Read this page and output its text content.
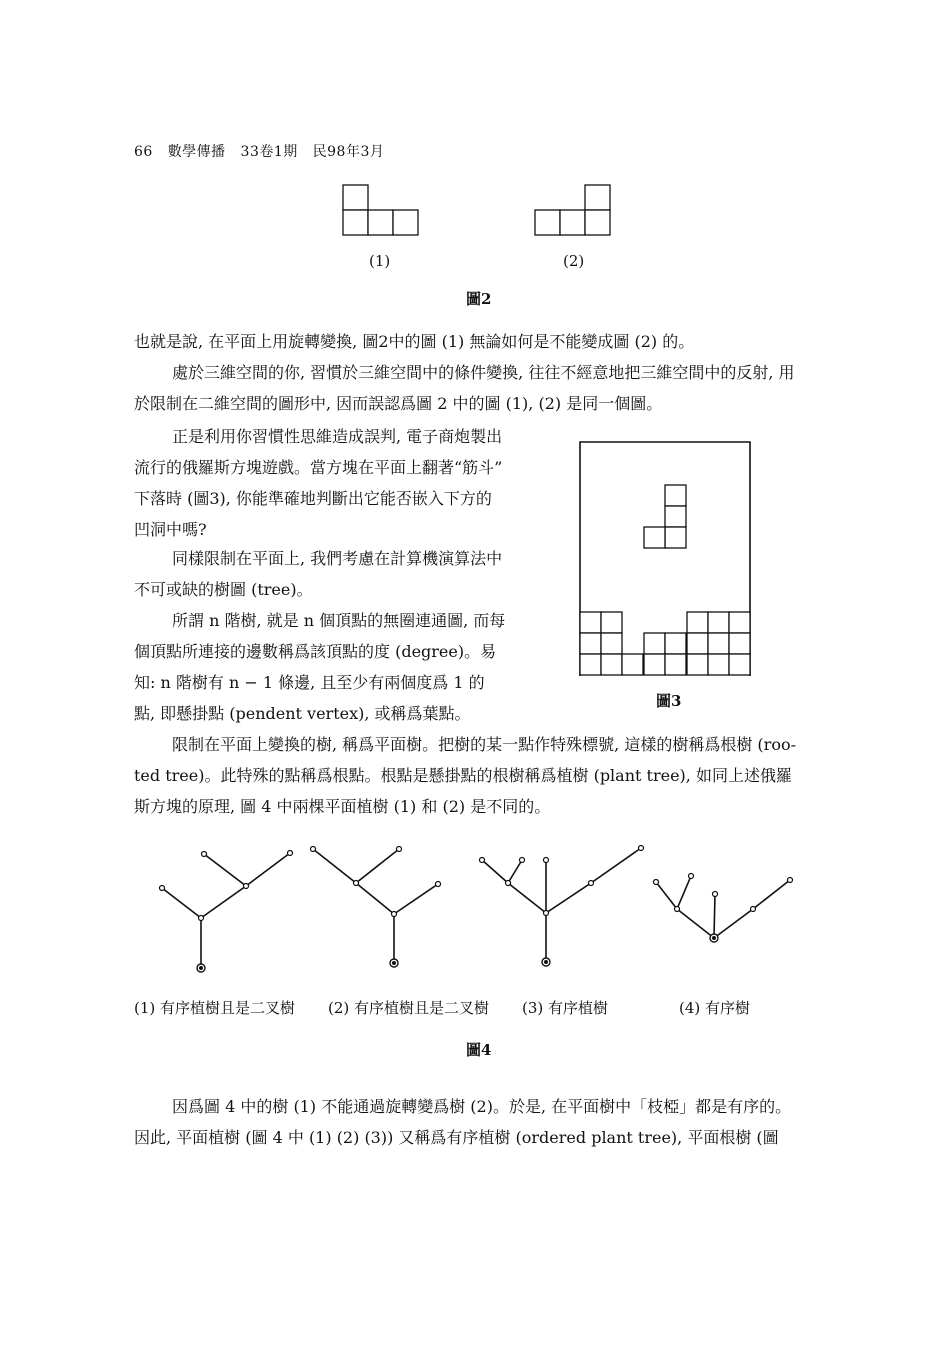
66 數學傳播 33卷1期 民98年3月
(1)	(2)
圖2
也就是說, 在平面上用旋轉變換, 圖2中的圖 (1) 無論如何是不能變成圖 (2) 的。
處於三維空間的你, 習慣於三維空間中的條件變換, 往往不經意地把三維空間中的反射, 用
於限制在二維空間的圖形中, 因而誤認爲圖 2 中的圖 (1), (2) 是同一個圖。
正是利用你習慣性思維造成誤判, 電子商炮製出
流行的俄羅斯方塊遊戲。當方塊在平面上翻著“筋斗”
下落時 (圖3), 你能準確地判斷出它能否嵌入下方的
凹洞中嗎?
同樣限制在平面上, 我們考慮在計算機演算法中
不可或缺的樹圖 (tree)。
所謂 n 階樹, 就是 n 個頂點的無圈連通圖, 而每
個頂點所連接的邊數稱爲該頂點的度 (degree)。易
知: n 階樹有 n − 1 條邊, 且至少有兩個度爲 1 的
點, 即懸掛點 (pendent vertex), 或稱爲葉點。
圖3
限制在平面上變換的樹, 稱爲平面樹。把樹的某一點作特殊標號, 這樣的樹稱爲根樹 (roo-
ted tree)。此特殊的點稱爲根點。根點是懸掛點的根樹稱爲植樹 (plant tree), 如同上述俄羅
斯方塊的原理, 圖 4 中兩棵平面植樹 (1) 和 (2) 是不同的。
(1) 有序植樹且是二叉樹 (2) 有序植樹且是二叉樹 (3) 有序植樹	(4) 有序樹
圖4
因爲圖 4 中的樹 (1) 不能通過旋轉變爲樹 (2)。於是, 在平面樹中「枝椏」都是有序的。
因此, 平面植樹 (圖 4 中 (1) (2) (3)) 又稱爲有序植樹 (ordered plant tree), 平面根樹 (圖
